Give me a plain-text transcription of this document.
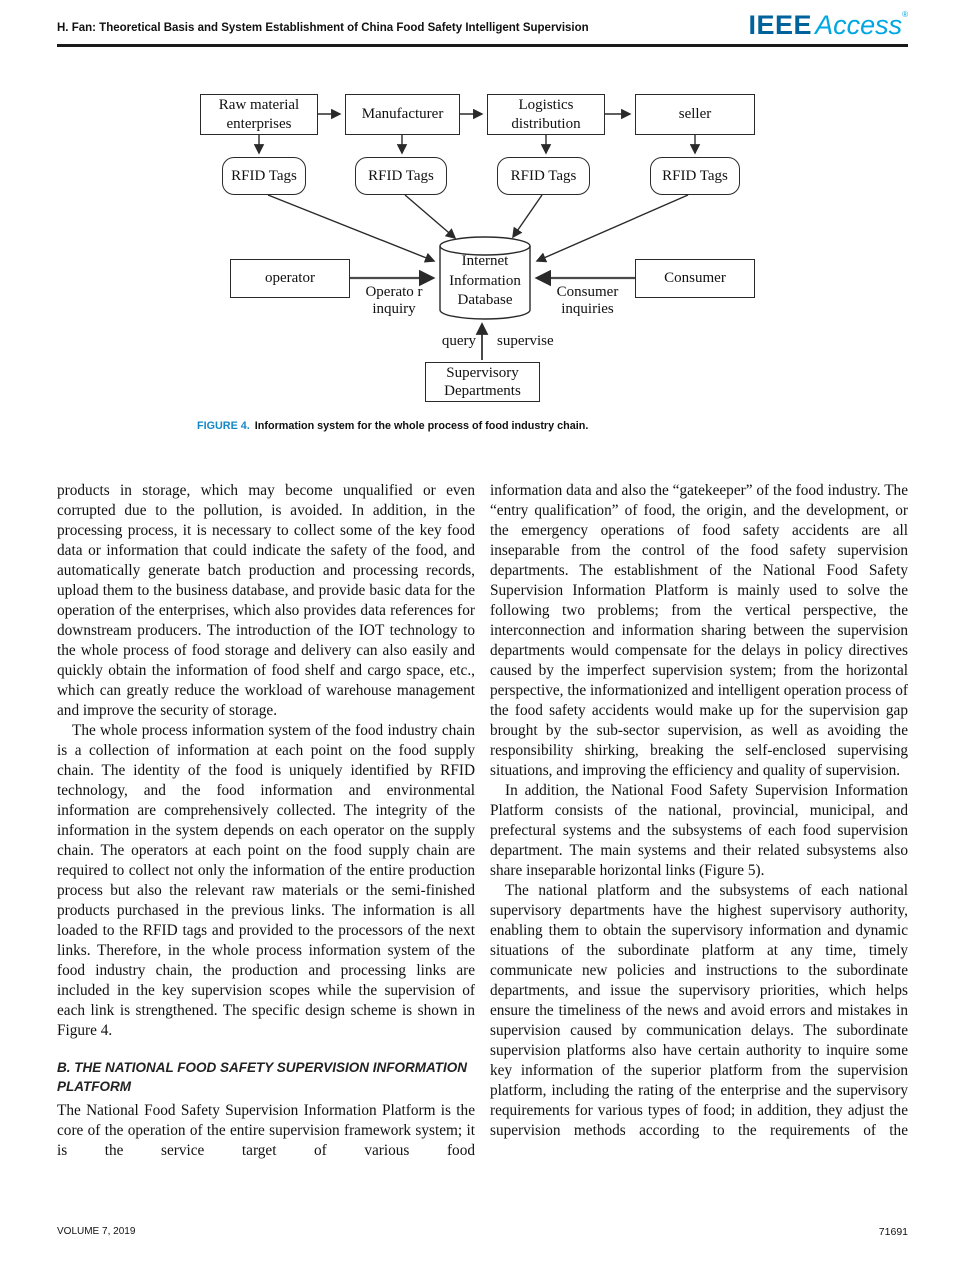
H. Fan: Theoretical Basis and System Establishment of China Food Safety Intelligent Supervision	IEEE Access®
Raw material enterprises
Manufacturer
Logistics distribution
seller
RFID Tags	RFID Tags	RFID Tags	RFID Tags
Internet Information Database
operator	Consumer
Supervisory Departments
Operato r inquiry
Consumer inquiries
query supervise
FIGURE 4. Information system for the whole process of food industry chain.

products in storage, which may become unqualified or even corrupted due to the pollution, is avoided. In addition, in the processing process, it is necessary to collect some of the key food data or information that could indicate the safety of the food, and automatically generate batch production and processing records, upload them to the business database, and provide basic data for the operation of the enterprises, which also provides data references for downstream producers. The introduction of the IOT technology to the whole process of food storage and delivery can also easily and quickly obtain the information of food shelf and cargo space, etc., which can greatly reduce the workload of warehouse management and improve the security of storage.

The whole process information system of the food industry chain is a collection of information at each point on the food supply chain. The identity of the food is uniquely identified by RFID technology, and the food information and environmental information are comprehensively collected. The integrity of the information in the system depends on each operator on the supply chain. The operators at each point on the food supply chain are required to collect not only the information of the entire production process but also the relevant raw materials or the semi-finished products purchased in the previous links. The information is all loaded to the RFID tags and provided to the processors of the next links. Therefore, in the whole process information system of the food industry chain, the production and processing links are included in the key supervision scopes while the supervision of each link is strengthened. The specific design scheme is shown in Figure 4.

B. THE NATIONAL FOOD SAFETY SUPERVISION INFORMATION PLATFORM

The National Food Safety Supervision Information Platform is the core of the operation of the entire supervision framework system; it is the service target of various food

information data and also the “gatekeeper” of the food industry. The “entry qualification” of food, the origin, and the development, or the emergency operations of food safety accidents are all inseparable from the control of the food safety supervision departments. The establishment of the National Food Safety Supervision Information Platform is mainly used to solve the following two problems; from the vertical perspective, the interconnection and information sharing between the supervision departments would compensate for the delays in policy directives caused by the imperfect supervision system; from the horizontal perspective, the informationized and intelligent operation process of the food safety accidents would make up for the supervision gap brought by the sub-sector supervision, as well as avoiding the responsibility shirking, breaking the self-enclosed supervising situations, and improving the efficiency and quality of supervision.

In addition, the National Food Safety Supervision Information Platform consists of the national, provincial, municipal, and prefectural systems and the subsystems of each food supervision department. The main systems and their related subsystems also share inseparable horizontal links (Figure 5).

The national platform and the subsystems of each national supervisory departments have the highest supervisory authority, enabling them to obtain the supervisory information and dynamic situations of the subordinate platform at any time, timely communicate new policies and instructions to the subordinate departments, and issue the supervisory priorities, which helps ensure the timeliness of the news and avoid errors and mistakes in supervision caused by communication delays. The subordinate supervision platforms also have certain authority to inquire some key information of the superior platform from the supervision platform, including the rating of the enterprise and the supervisory requirements for various types of food; in addition, they adjust the supervision methods according to the requirements of the

VOLUME 7, 2019	71691
